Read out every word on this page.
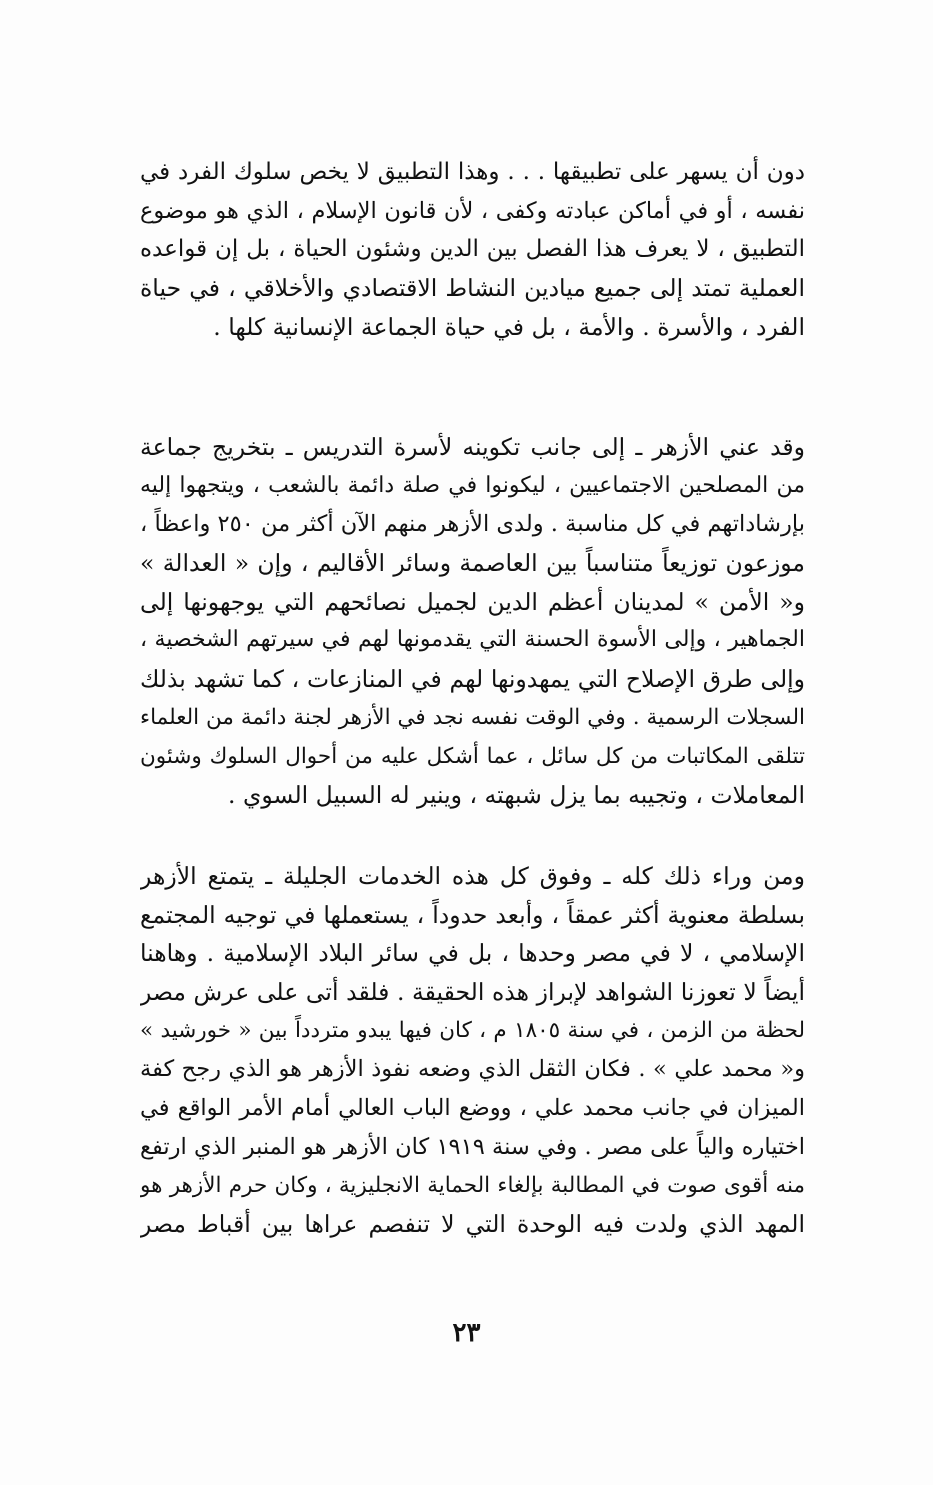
دون أن يسهر على تطبيقها . . . وهذا التطبيق لا يخص سلوك الفرد في
نفسه ، أو في أماكن عبادته وكفى ، لأن قانون الإسلام ، الذي هو موضوع
التطبيق ، لا يعرف هذا الفصل بين الدين وشئون الحياة ، بل إن قواعده
العملية تمتد إلى جميع ميادين النشاط الاقتصادي والأخلاقي ، في حياة
الفرد ، والأسرة . والأمة ، بل في حياة الجماعة الإنسانية كلها .
وقد عني الأزهر ـ إلى جانب تكوينه لأسرة التدريس ـ بتخريج جماعة
من المصلحين الاجتماعيين ، ليكونوا في صلة دائمة بالشعب ، ويتجهوا إليه
بإرشاداتهم في كل مناسبة . ولدى الأزهر منهم الآن أكثر من ٢٥٠ واعظاً ،
موزعون توزيعاً متناسباً بين العاصمة وسائر الأقاليم ، وإن « العدالة »
و« الأمن » لمدينان أعظم الدين لجميل نصائحهم التي يوجهونها إلى
الجماهير ، وإلى الأسوة الحسنة التي يقدمونها لهم في سيرتهم الشخصية ،
وإلى طرق الإصلاح التي يمهدونها لهم في المنازعات ، كما تشهد بذلك
السجلات الرسمية . وفي الوقت نفسه نجد في الأزهر لجنة دائمة من العلماء
تتلقى المكاتبات من كل سائل ، عما أشكل عليه من أحوال السلوك وشئون
المعاملات ، وتجيبه بما يزل شبهته ، وينير له السبيل السوي .
ومن وراء ذلك كله ـ وفوق كل هذه الخدمات الجليلة ـ يتمتع الأزهر
بسلطة معنوية أكثر عمقاً ، وأبعد حدوداً ، يستعملها في توجيه المجتمع
الإسلامي ، لا في مصر وحدها ، بل في سائر البلاد الإسلامية . وهاهنا
أيضاً لا تعوزنا الشواهد لإبراز هذه الحقيقة . فلقد أتى على عرش مصر
لحظة من الزمن ، في سنة ١٨٠٥ م ، كان فيها يبدو متردداً بين « خورشيد »
و« محمد علي » . فكان الثقل الذي وضعه نفوذ الأزهر هو الذي رجح كفة
الميزان في جانب محمد علي ، ووضع الباب العالي أمام الأمر الواقع في
اختياره والياً على مصر . وفي سنة ١٩١٩ كان الأزهر هو المنبر الذي ارتفع
منه أقوى صوت في المطالبة بإلغاء الحماية الانجليزية ، وكان حرم الأزهر هو
المهد الذي ولدت فيه الوحدة التي لا تنفصم عراها بين أقباط مصر
٢٣
